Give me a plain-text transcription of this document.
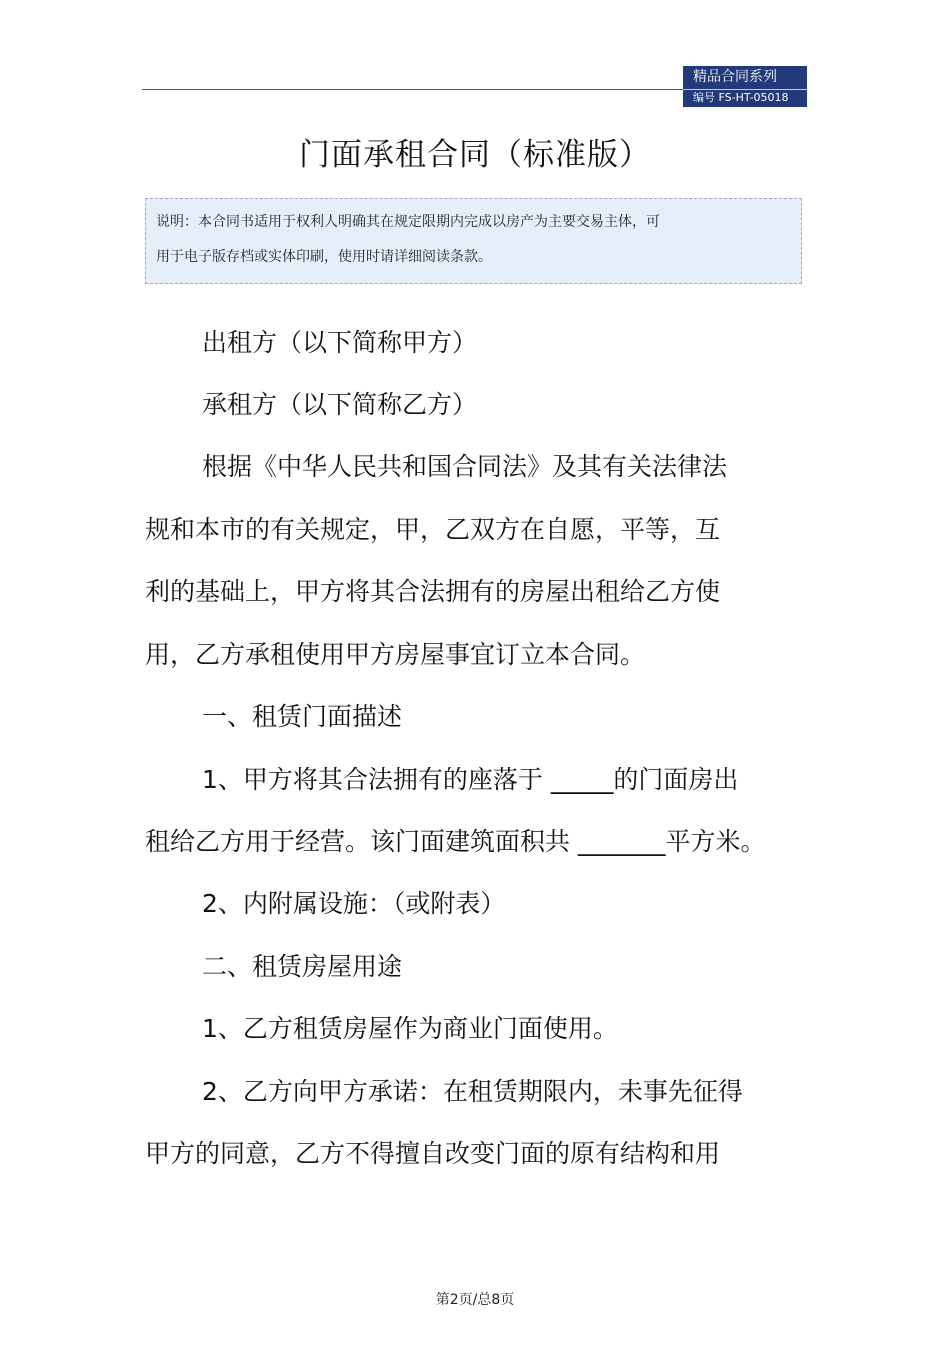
精品合同系列
编号 FS-HT-05018
门面承租合同（标准版）
说明：本合同书适用于权利人明确其在规定限期内完成以房产为主要交易主体，可
用于电子版存档或实体印刷，使用时请详细阅读条款。
出租方（以下简称甲方）
承租方（以下简称乙方）
根据《中华人民共和国合同法》及其有关法律法
规和本市的有关规定，甲，乙双方在自愿，平等，互
利的基础上，甲方将其合法拥有的房屋出租给乙方使
用，乙方承租使用甲方房屋事宜订立本合同。
一、租赁门面描述
1、甲方将其合法拥有的座落于 _____的门面房出
租给乙方用于经营。该门面建筑面积共 _______平方米。
2、内附属设施：（或附表）
二、租赁房屋用途
1、乙方租赁房屋作为商业门面使用。
2、乙方向甲方承诺：在租赁期限内，未事先征得
甲方的同意，乙方不得擅自改变门面的原有结构和用
第2页/总8页
